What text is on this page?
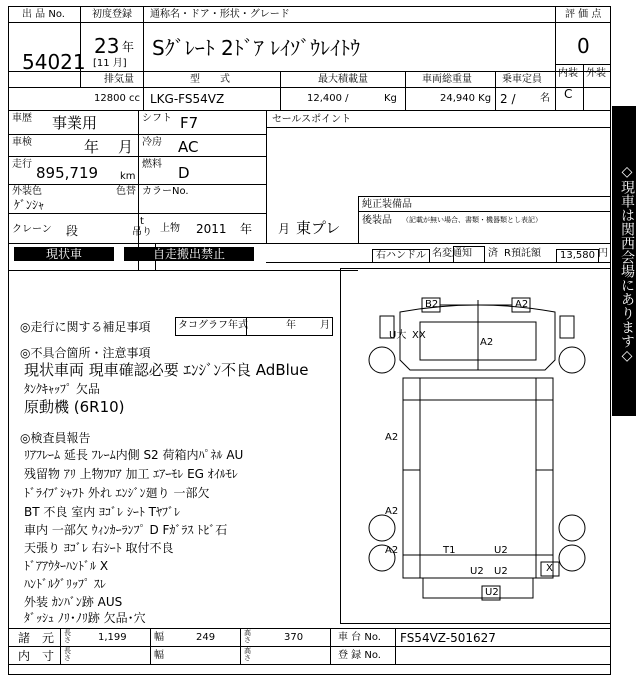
出 品 No.
54021
初度登録
23 年
[11 月]
通称名・ドア・形状・グレード
Sｸﾞﾚｰﾄ 2ﾄﾞｱ ﾚｲｿﾞｳﾚｲﾄｳ
評 価 点
0
内装 外装
C
排気量
12800 cc
型　　式
LKG-FS54VZ
最大積載量
12,400 /	Kg
車両総重量
24,940 Kg
乗車定員
2 / 名
車歴 事業用	シフト F7
車検	年 月 冷房 AC
走行 895,719 km
燃料 D
外装色
ｹﾞﾝｼｬ
色替 カラーNo.
クレーン 段
t
吊り 上物 2011 年 月 東プレ
セールスポイント
純正装備品
後装品 （記載が無い場合、書類・機器類とし表記）
現状車	自走搬出禁止	右ハンドル 名変通知 済 R預託額	13,580 円
◎走行に関する補足事項	タコグラフ年式	年 月
◎不具合箇所・注意事項
現状車両 現車確認必要 ｴﾝｼﾞﾝ不良 AdBlue
ﾀﾝｸｷｬｯﾌﾟ 欠品
原動機 (6R10)
◎検査員報告
ﾘｱﾌﾚｰﾑ 延長 ﾌﾚｰﾑ内側 S2 荷箱内ﾊﾟﾈﾙ AU
残留物 ｱﾘ 上物ﾌﾛｱ 加工 ｴｱｰﾓﾚ EG ｵｲﾙﾓﾚ
ﾄﾞﾗｲﾌﾞｼｬﾌﾄ 外れ ｴﾝｼﾞﾝ廻り 一部欠
BT 不良 室内 ﾖｺﾞﾚ ｼｰﾄ Tﾔﾌﾞﾚ
車内 一部欠 ｳｨﾝｶｰﾗﾝﾌﾟ D Fｶﾞﾗｽ ﾄﾋﾞ石
天張り ﾖｺﾞﾚ 右ｼｰﾄ 取付不良
ﾄﾞｱｱｳﾀｰﾊﾝﾄﾞﾙ X
ﾊﾝﾄﾞﾙｸﾞﾘｯﾌﾟ ｽﾚ
外装 ｶﾝﾊﾞﾝ跡 AUS
ﾀﾞｯｼｭ ﾉﾘ･ﾉﾘ跡 欠品･穴
B2	A2
A2
U大 XX
A2
A2
A2	T1	U2
U2 U2	X
U2
諸　元 長さ	1,199	幅	249	高さ	370
内　寸 長さ	幅	高さ
車 台 No. FS54VZ-501627
登 録 No.
◇現車は関西会場にあります◇
